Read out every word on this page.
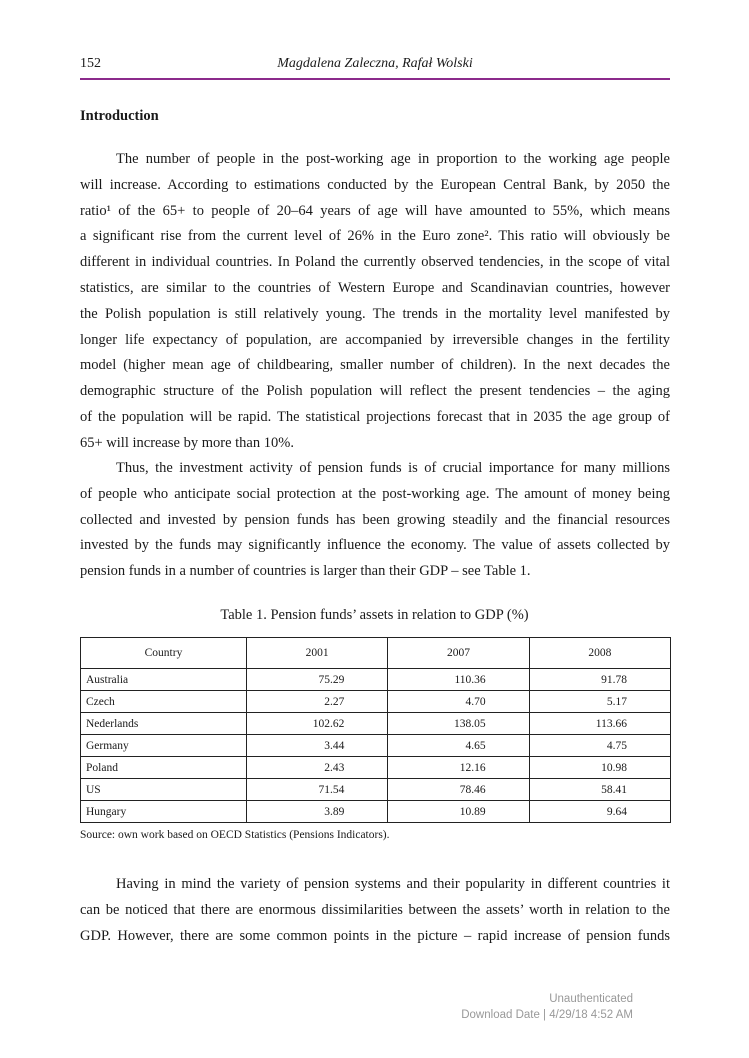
152	Magdalena Zaleczna, Rafał Wolski
Introduction
The number of people in the post-working age in proportion to the working age people
will increase. According to estimations conducted by the European Central Bank, by 2050 the
ratio¹ of the 65+ to people of 20–64 years of age will have amounted to 55%, which means
a significant rise from the current level of 26% in the Euro zone². This ratio will obviously be
different in individual countries. In Poland the currently observed tendencies, in the scope of vital
statistics, are similar to the countries of Western Europe and Scandinavian countries, however
the Polish population is still relatively young. The trends in the mortality level manifested by
longer life expectancy of population, are accompanied by irreversible changes in the fertility
model (higher mean age of childbearing, smaller number of children). In the next decades the
demographic structure of the Polish population will reflect the present tendencies – the aging
of the population will be rapid. The statistical projections forecast that in 2035 the age group of
65+ will increase by more than 10%.
Thus, the investment activity of pension funds is of crucial importance for many millions
of people who anticipate social protection at the post-working age. The amount of money being
collected and invested by pension funds has been growing steadily and the financial resources
invested by the funds may significantly influence the economy. The value of assets collected by
pension funds in a number of countries is larger than their GDP – see Table 1.
Table 1. Pension funds’ assets in relation to GDP (%)
Country	2001	2007	2008
Australia	75.29	110.36	91.78
Czech	2.27	4.70	5.17
Nederlands	102.62	138.05	113.66
Germany	3.44	4.65	4.75
Poland	2.43	12.16	10.98
US	71.54	78.46	58.41
Hungary	3.89	10.89	9.64
Source: own work based on OECD Statistics (Pensions Indicators).
Having in mind the variety of pension systems and their popularity in different countries it
can be noticed that there are enormous dissimilarities between the assets’ worth in relation to the
GDP. However, there are some common points in the picture – rapid increase of pension funds
Unauthenticated
Download Date | 4/29/18 4:52 AM
